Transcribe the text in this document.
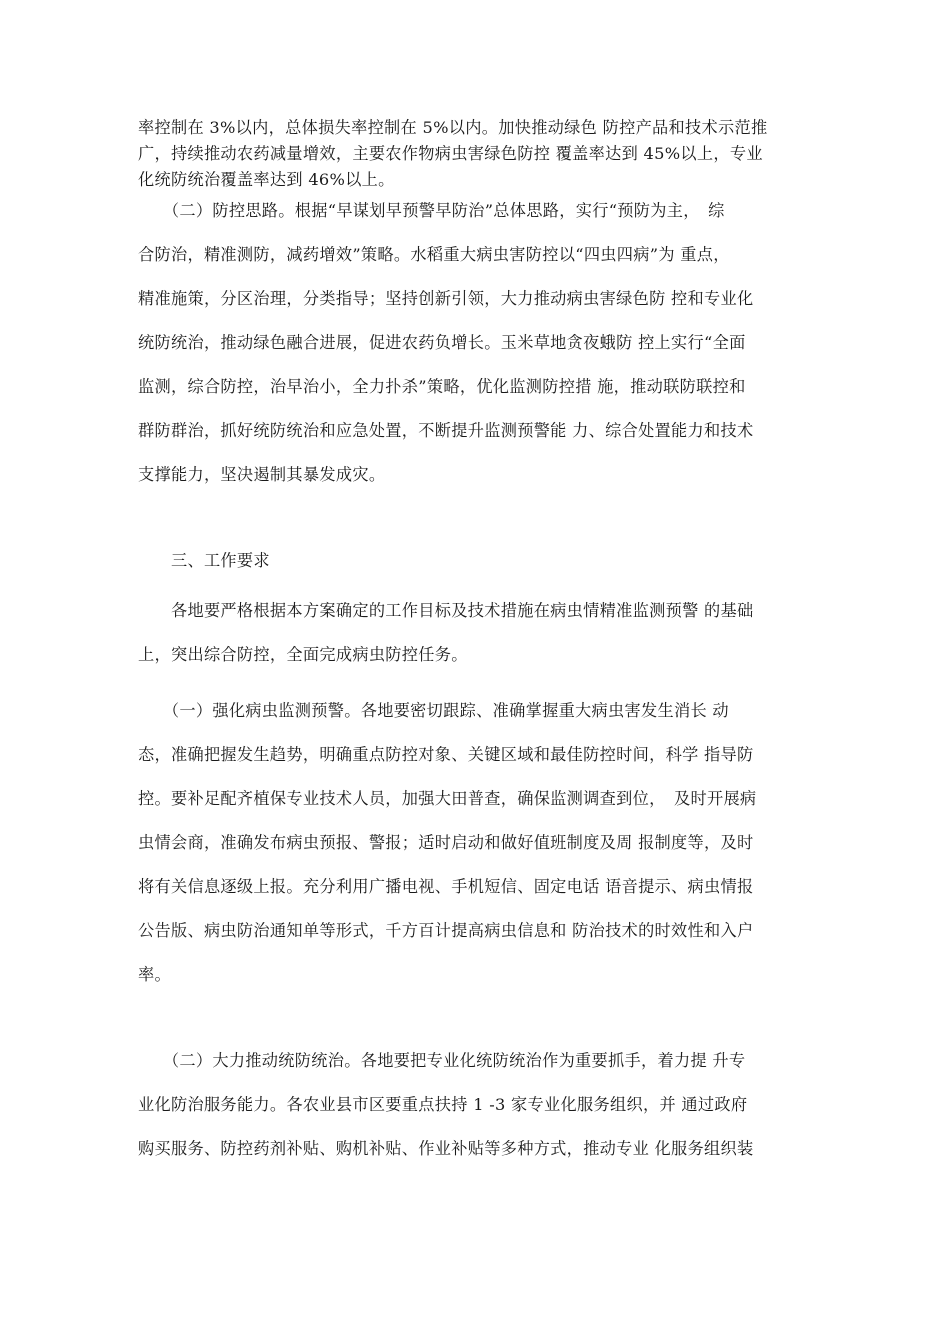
率控制在 3%以内，总体损失率控制在 5%以内。加快推动绿色 防控产品和技术示范推
广，持续推动农药减量增效，主要农作物病虫害绿色防控 覆盖率达到 45%以上，专业
化统防统治覆盖率达到 46%以上。
　　（二）防控思路。根据“早谋划早预警早防治”总体思路，实行“预防为主，　综
合防治，精准测防，减药增效”策略。水稻重大病虫害防控以“四虫四病”为 重点，
精准施策，分区治理，分类指导；坚持创新引领，大力推动病虫害绿色防 控和专业化
统防统治，推动绿色融合进展，促进农药负增长。玉米草地贪夜蛾防 控上实行“全面
监测，综合防控，治早治小，全力扑杀”策略，优化监测防控措 施，推动联防联控和
群防群治，抓好统防统治和应急处置，不断提升监测预警能 力、综合处置能力和技术
支撑能力，坚决遏制其暴发成灾。
　　三、工作要求
　　各地要严格根据本方案确定的工作目标及技术措施在病虫情精准监测预警 的基础
上，突出综合防控，全面完成病虫防控任务。
　　（一）强化病虫监测预警。各地要密切跟踪、准确掌握重大病虫害发生消长 动
态，准确把握发生趋势，明确重点防控对象、关键区域和最佳防控时间，科学 指导防
控。要补足配齐植保专业技术人员，加强大田普查，确保监测调查到位，　及时开展病
虫情会商，准确发布病虫预报、警报；适时启动和做好值班制度及周 报制度等，及时
将有关信息逐级上报。充分利用广播电视、手机短信、固定电话 语音提示、病虫情报
公告版、病虫防治通知单等形式，千方百计提高病虫信息和 防治技术的时效性和入户
率。
　　（二）大力推动统防统治。各地要把专业化统防统治作为重要抓手，着力提 升专
业化防治服务能力。各农业县市区要重点扶持 1 -3 家专业化服务组织，并 通过政府
购买服务、防控药剂补贴、购机补贴、作业补贴等多种方式，推动专业 化服务组织装
